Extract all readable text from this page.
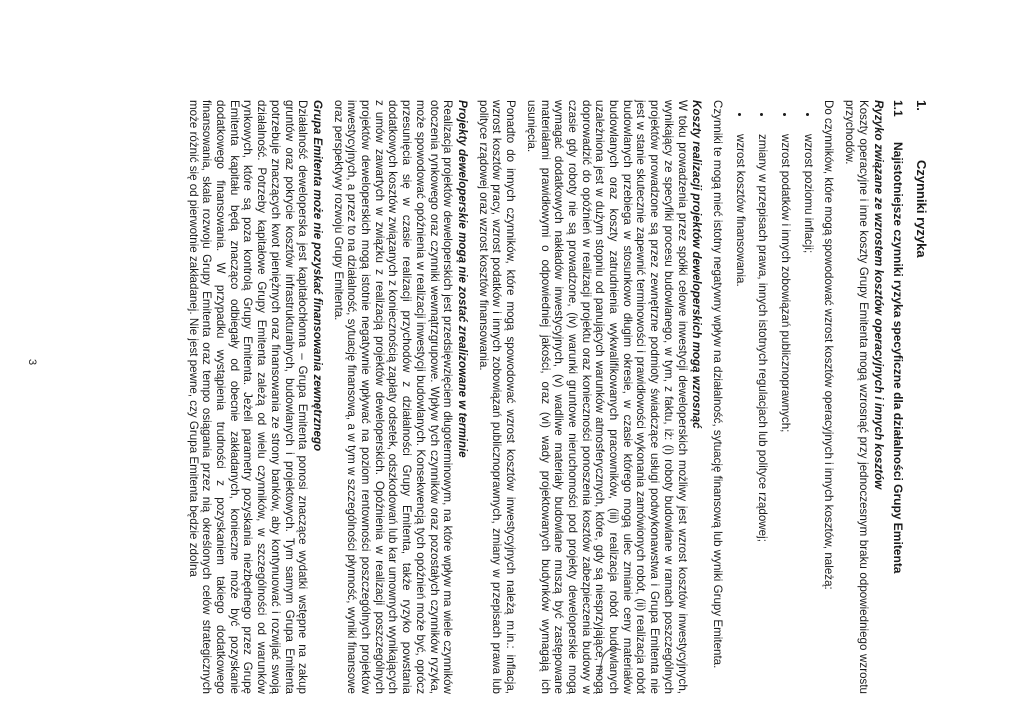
1.
Czynniki ryzyka
1.1
Najistotniejsze czynniki ryzyka specyficzne dla działalności Grupy Emitenta
Ryzyko związane ze wzrostem kosztów operacyjnych i innych kosztów

Koszty operacyjne i inne koszty Grupy Emitenta mogą wzrosnąć przy jednoczesnym braku odpowiedniego wzrostu przychodów.

Do czynników, które mogą spowodować wzrost kosztów operacyjnych i innych kosztów, należą:

• wzrost poziomu inflacji;
• wzrost podatków i innych zobowiązań publicznoprawnych;
• zmiany w przepisach prawa, innych istotnych regulacjach lub polityce rządowej;
• wzrost kosztów finansowania.

Czynniki te mogą mieć istotny negatywny wpływ na działalność, sytuację finansową lub wyniki Grupy Emitenta.

Koszty realizacji projektów deweloperskich mogą wzrosnąć

W toku prowadzenia przez spółki celowe inwestycji deweloperskich możliwy jest wzrost kosztów inwestycyjnych, wynikający ze specyfiki procesu budowlanego, w tym, z faktu, iż: (i) roboty budowlane w ramach poszczególnych projektów prowadzone są przez zewnętrzne podmioty świadczące usługi podwykonawstwa i Grupa Emitenta nie jest w stanie skutecznie zapewnić terminowości i prawidłowości wykonania zamówionych robót, (ii) realizacja robót budowlanych przebiega w stosunkowo długim okresie, w czasie którego mogą ulec zmianie ceny materiałów budowlanych oraz koszty zatrudnienia wykwalifikowanych pracowników, (iii) realizacja robót budowlanych uzależniona jest w dużym stopniu od panujących warunków atmosferycznych, które, gdy są niesprzyjające, mogą doprowadzić do opóźnień w realizacji projektu oraz konieczności ponoszenia kosztów zabezpieczenia budowy w czasie gdy roboty nie są prowadzone, (iv) warunki gruntowe nieruchomości pod projekty deweloperskie mogą wymagać dodatkowych nakładów inwestycyjnych, (v) wadliwe materiały budowlane muszą być zastępowane materiałami prawidłowymi o odpowiedniej jakości, oraz (vi) wady projektowanych budynków wymagają ich usunięcia.

Ponadto do innych czynników, które mogą spowodować wzrost kosztów inwestycyjnych należą m.in.: inflacja, wzrost kosztów pracy, wzrost podatków i innych zobowiązań publicznoprawnych, zmiany w przepisach prawa lub polityce rządowej oraz wzrost kosztów finansowania.

Projekty deweloperskie mogą nie zostać zrealizowane w terminie

Realizacja projektów deweloperskich jest przedsięwzięciem długoterminowym, na które wpływ ma wiele czynników otoczenia rynkowego oraz czynniki wewnątrzgrupowe. Wpływ tych czynników oraz pozostałych czynników ryzyka, może spowodować opóźnienia w realizacji inwestycji budowlanych. Konsekwencją tych opóźnień może być, oprócz przesunięcia się w czasie realizacji przychodów z działalności Grupy Emitenta, także ryzyko powstania dodatkowych kosztów związanych z koniecznością zapłaty odsetek, odszkodowań lub kar umownych wynikających z umów zawartych w związku z realizacją projektów deweloperskich. Opóźnienia w realizacji poszczególnych projektów deweloperskich mogą istotnie negatywnie wpływać na poziom rentowności poszczególnych projektów inwestycyjnych, a przez to na działalność, sytuację finansową, a w tym w szczególności płynność, wyniki finansowe oraz perspektywy rozwoju Grupy Emitenta.

Grupa Emitenta może nie pozyskać finansowania zewnętrznego

Działalność deweloperska jest kapitałochłonna – Grupa Emitenta ponosi znaczące wydatki wstępne na zakup gruntów oraz pokrycie kosztów infrastrukturalnych, budowlanych i projektowych. Tym samym Grupa Emitenta potrzebuje znaczących kwot pieniężnych oraz finansowania ze strony banków, aby kontynuować i rozwijać swoją działalność. Potrzeby kapitałowe Grupy Emitenta zależą od wielu czynników, w szczególności od warunków rynkowych, które są poza kontrolą Grupy Emitenta. Jeżeli parametry pozyskania niezbędnego przez Grupę Emitenta kapitału będą znacząco odbiegały od obecnie zakładanych, konieczne może być pozyskanie dodatkowego finansowania. W przypadku wystąpienia trudności z pozyskaniem takiego dodatkowego finansowania, skala rozwoju Grupy Emitenta oraz tempo osiągania przez nią określonych celów strategicznych może różnić się od pierwotnie zakładanej. Nie jest pewne, czy Grupa Emitenta będzie zdolna

3
